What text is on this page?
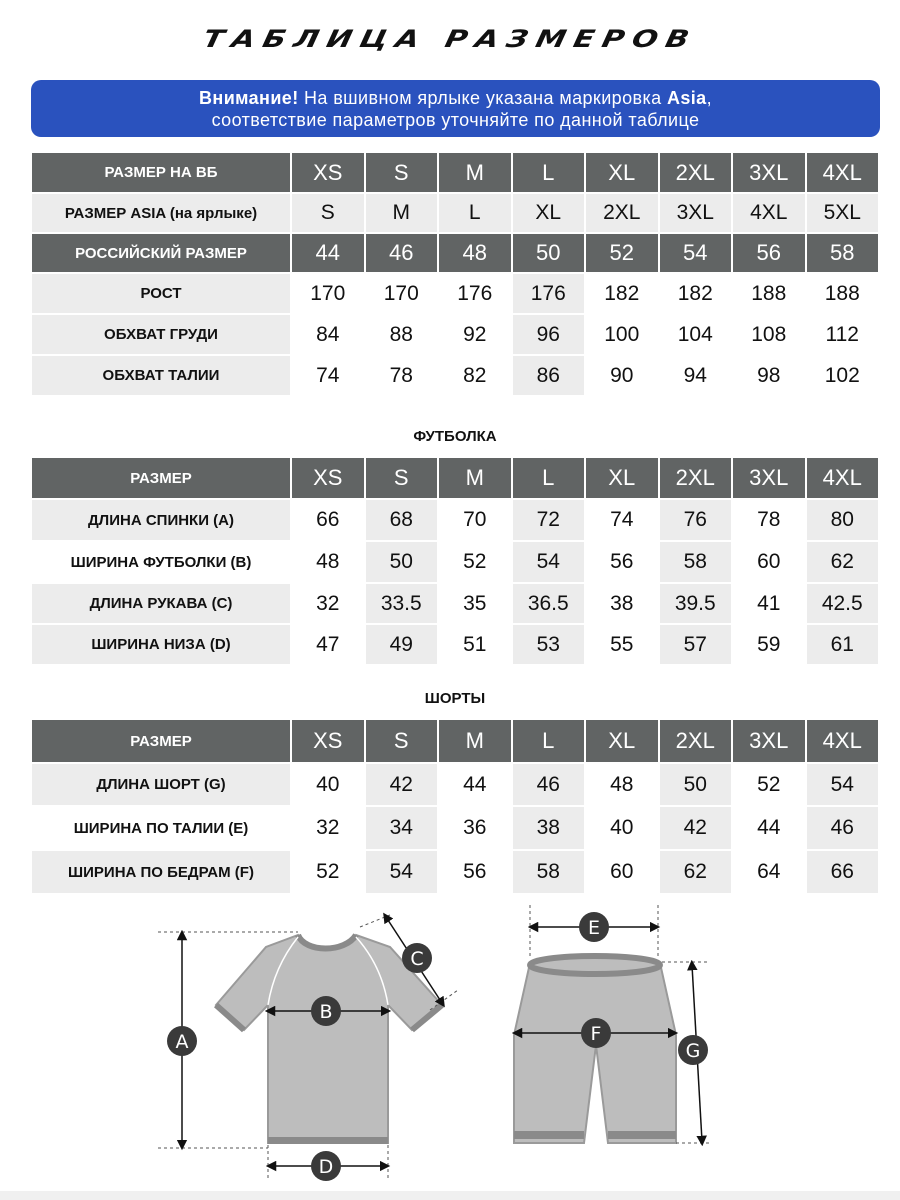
ТАБЛИЦА РАЗМЕРОВ
Внимание! На вшивном ярлыке указана маркировка Asia,
соответствие параметров уточняйте по данной таблице
РАЗМЕР НА ВБ	XS	S	M	L	XL	2XL	3XL	4XL
РАЗМЕР ASIA (на ярлыке)	S	M	L	XL	2XL	3XL	4XL	5XL
РОССИЙСКИЙ РАЗМЕР	44	46	48	50	52	54	56	58
РОСТ	170	170	176	176	182	182	188	188
ОБХВАТ ГРУДИ	84	88	92	96	100	104	108	112
ОБХВАТ ТАЛИИ	74	78	82	86	90	94	98	102
ФУТБОЛКА
РАЗМЕР	XS	S	M	L	XL	2XL	3XL	4XL
ДЛИНА СПИНКИ (A)	66	68	70	72	74	76	78	80
ШИРИНА ФУТБОЛКИ (B)	48	50	52	54	56	58	60	62
ДЛИНА РУКАВА (C)	32	33.5	35	36.5	38	39.5	41	42.5
ШИРИНА НИЗА (D)	47	49	51	53	55	57	59	61
ШОРТЫ
РАЗМЕР	XS	S	M	L	XL	2XL	3XL	4XL
ДЛИНА ШОРТ (G)	40	42	44	46	48	50	52	54
ШИРИНА ПО ТАЛИИ (E)	32	34	36	38	40	42	44	46
ШИРИНА ПО БЕДРАМ (F)	52	54	56	58	60	62	64	66
A
B
C
D
E
F
G
